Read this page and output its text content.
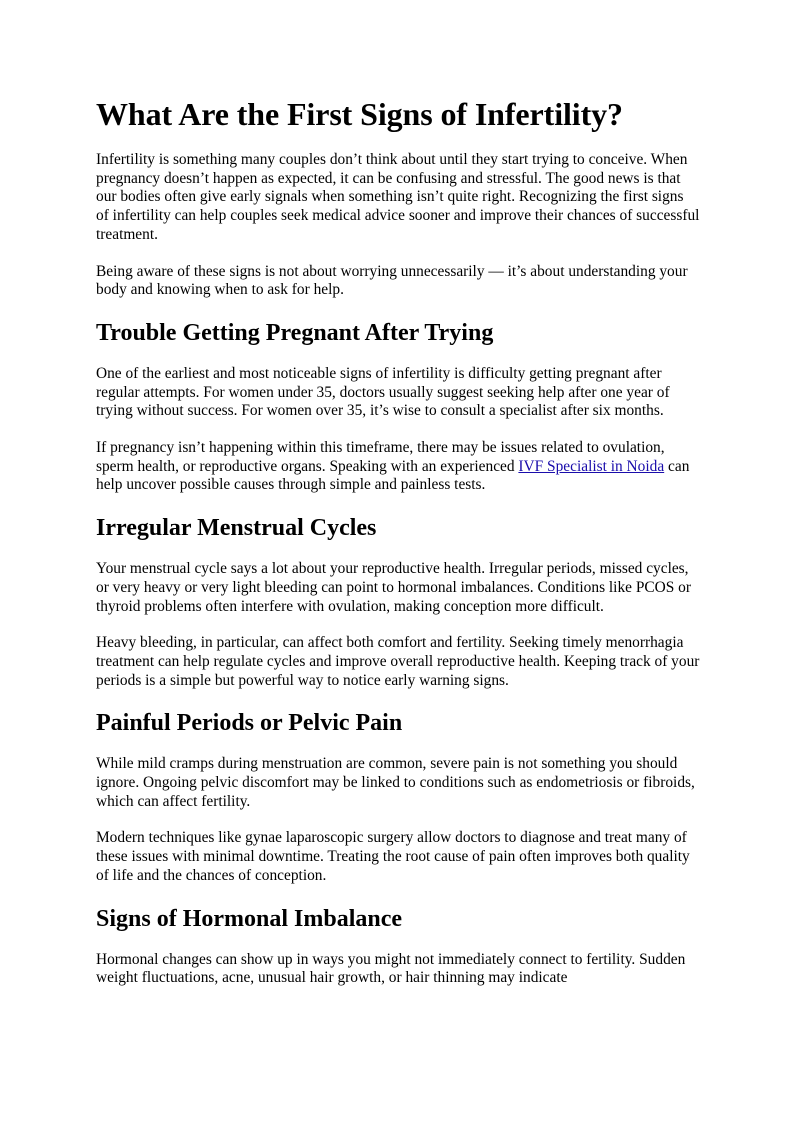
What Are the First Signs of Infertility?

Infertility is something many couples don’t think about until they start trying to conceive. When pregnancy doesn’t happen as expected, it can be confusing and stressful. The good news is that our bodies often give early signals when something isn’t quite right. Recognizing the first signs of infertility can help couples seek medical advice sooner and improve their chances of successful treatment.

Being aware of these signs is not about worrying unnecessarily — it’s about understanding your body and knowing when to ask for help.

Trouble Getting Pregnant After Trying

One of the earliest and most noticeable signs of infertility is difficulty getting pregnant after regular attempts. For women under 35, doctors usually suggest seeking help after one year of trying without success. For women over 35, it’s wise to consult a specialist after six months.

If pregnancy isn’t happening within this timeframe, there may be issues related to ovulation, sperm health, or reproductive organs. Speaking with an experienced IVF Specialist in Noida can help uncover possible causes through simple and painless tests.

Irregular Menstrual Cycles

Your menstrual cycle says a lot about your reproductive health. Irregular periods, missed cycles, or very heavy or very light bleeding can point to hormonal imbalances. Conditions like PCOS or thyroid problems often interfere with ovulation, making conception more difficult.

Heavy bleeding, in particular, can affect both comfort and fertility. Seeking timely menorrhagia treatment can help regulate cycles and improve overall reproductive health. Keeping track of your periods is a simple but powerful way to notice early warning signs.

Painful Periods or Pelvic Pain

While mild cramps during menstruation are common, severe pain is not something you should ignore. Ongoing pelvic discomfort may be linked to conditions such as endometriosis or fibroids, which can affect fertility.

Modern techniques like gynae laparoscopic surgery allow doctors to diagnose and treat many of these issues with minimal downtime. Treating the root cause of pain often improves both quality of life and the chances of conception.

Signs of Hormonal Imbalance

Hormonal changes can show up in ways you might not immediately connect to fertility. Sudden weight fluctuations, acne, unusual hair growth, or hair thinning may indicate
